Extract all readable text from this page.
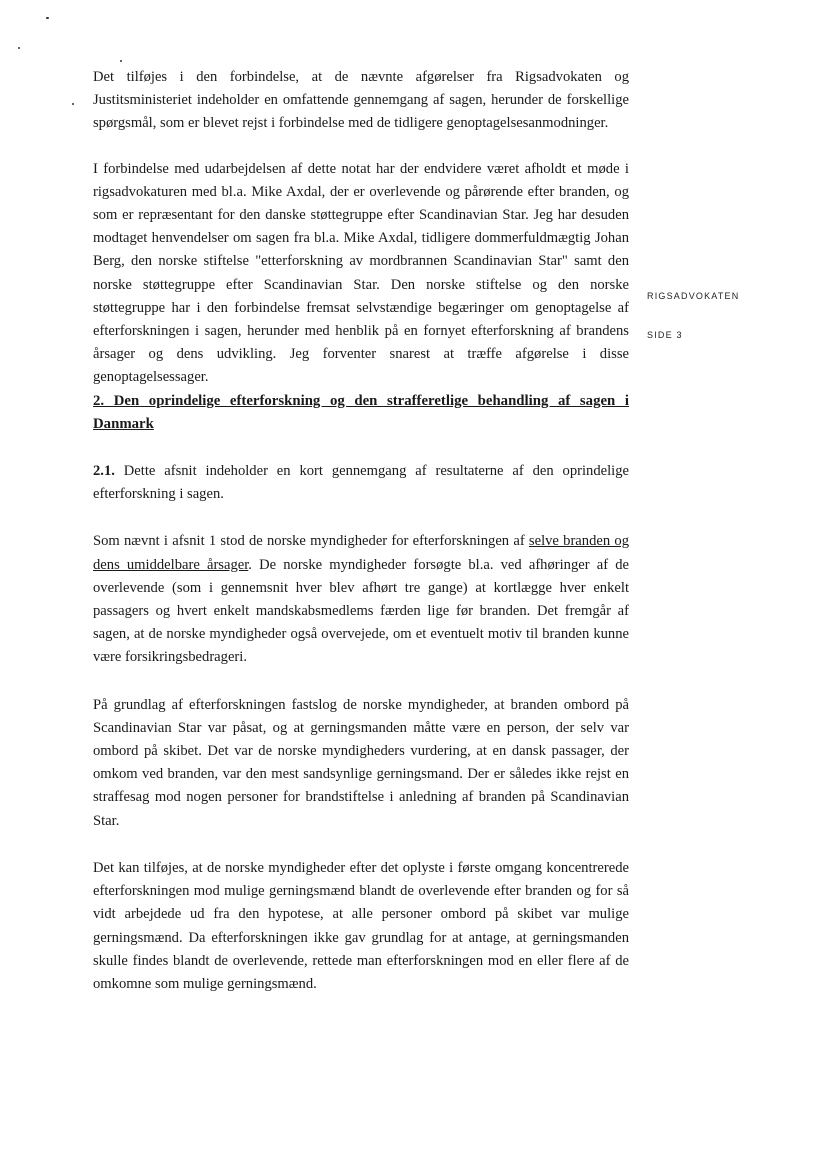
RIGSADVOKATEN
SIDE 3

Det tilføjes i den forbindelse, at de nævnte afgørelser fra Rigsadvokaten og Justitsministeriet indeholder en omfattende gennemgang af sagen, herunder de forskellige spørgsmål, som er blevet rejst i forbindelse med de tidligere genoptagelsesanmodninger.

I forbindelse med udarbejdelsen af dette notat har der endvidere været afholdt et møde i rigsadvokaturen med bl.a. Mike Axdal, der er overlevende og pårørende efter branden, og som er repræsentant for den danske støttegruppe efter Scandinavian Star. Jeg har desuden modtaget henvendelser om sagen fra bl.a. Mike Axdal, tidligere dommerfuldmægtig Johan Berg, den norske stiftelse "etterforskning av mordbrannen Scandinavian Star" samt den norske støttegruppe efter Scandinavian Star. Den norske stiftelse og den norske støttegruppe har i den forbindelse fremsat selvstændige begæringer om genoptagelse af efterforskningen i sagen, herunder med henblik på en fornyet efterforskning af brandens årsager og dens udvikling. Jeg forventer snarest at træffe afgørelse i disse genoptagelsessager.

2. Den oprindelige efterforskning og den strafferetlige behandling af sagen i Danmark

2.1. Dette afsnit indeholder en kort gennemgang af resultaterne af den oprindelige efterforskning i sagen.

Som nævnt i afsnit 1 stod de norske myndigheder for efterforskningen af selve branden og dens umiddelbare årsager. De norske myndigheder forsøgte bl.a. ved afhøringer af de overlevende (som i gennemsnit hver blev afhørt tre gange) at kortlægge hver enkelt passagers og hvert enkelt mandskabsmedlems færden lige før branden. Det fremgår af sagen, at de norske myndigheder også overvejede, om et eventuelt motiv til branden kunne være forsikringsbedrageri.

På grundlag af efterforskningen fastslog de norske myndigheder, at branden ombord på Scandinavian Star var påsat, og at gerningsmanden måtte være en person, der selv var ombord på skibet. Det var de norske myndigheders vurdering, at en dansk passager, der omkom ved branden, var den mest sandsynlige gerningsmand. Der er således ikke rejst en straffesag mod nogen personer for brandstiftelse i anledning af branden på Scandinavian Star.

Det kan tilføjes, at de norske myndigheder efter det oplyste i første omgang koncentrerede efterforskningen mod mulige gerningsmænd blandt de overlevende efter branden og for så vidt arbejdede ud fra den hypotese, at alle personer ombord på skibet var mulige gerningsmænd. Da efterforskningen ikke gav grundlag for at antage, at gerningsmanden skulle findes blandt de overlevende, rettede man efterforskningen mod en eller flere af de omkomne som mulige gerningsmænd.
